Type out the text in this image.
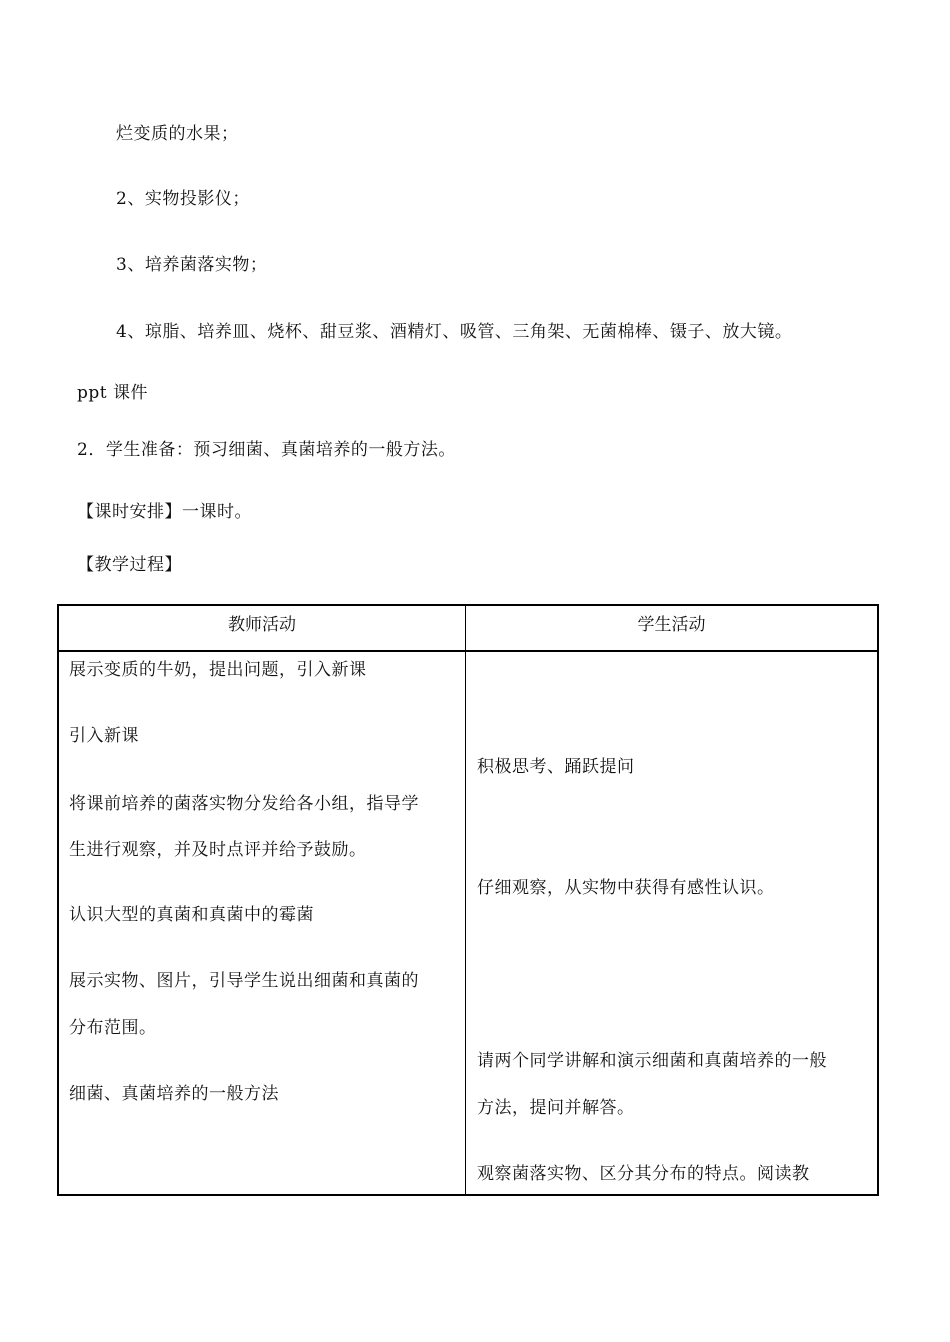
烂变质的水果；
2、实物投影仪；
3、培养菌落实物；
4、琼脂、培养皿、烧杯、甜豆浆、酒精灯、吸管、三角架、无菌棉棒、镊子、放大镜。
ppt 课件
2．学生准备：预习细菌、真菌培养的一般方法。
【课时安排】一课时。
【教学过程】
教师活动	学生活动
展示变质的牛奶，提出问题，引入新课
引入新课
将课前培养的菌落实物分发给各小组，指导学
生进行观察，并及时点评并给予鼓励。
认识大型的真菌和真菌中的霉菌
展示实物、图片，引导学生说出细菌和真菌的
分布范围。
细菌、真菌培养的一般方法
积极思考、踊跃提问
仔细观察，从实物中获得有感性认识。
请两个同学讲解和演示细菌和真菌培养的一般
方法，提问并解答。
观察菌落实物、区分其分布的特点。阅读教
